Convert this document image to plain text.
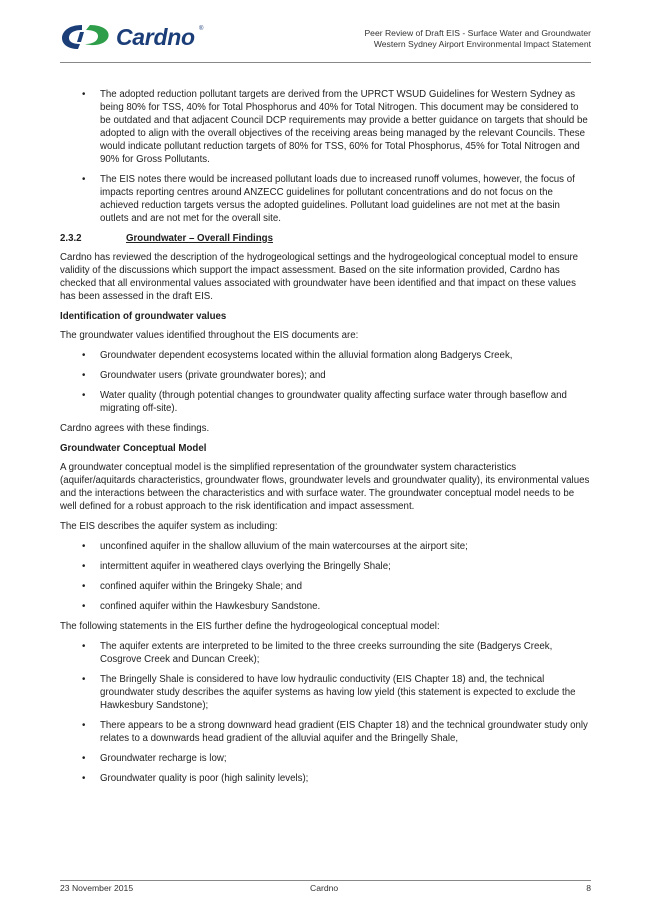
Cardno ®	Peer Review of Draft EIS - Surface Water and Groundwater
Western Sydney Airport Environmental Impact Statement
• The adopted reduction pollutant targets are derived from the UPRCT WSUD Guidelines for Western Sydney as being 80% for TSS, 40% for Total Phosphorus and 40% for Total Nitrogen. This document may be considered to be outdated and that adjacent Council DCP requirements may provide a better guidance on targets that should be adopted to align with the overall objectives of the receiving areas being managed by the relevant Councils. These would indicate pollutant reduction targets of 80% for TSS, 60% for Total Phosphorus, 45% for Total Nitrogen and 90% for Gross Pollutants.
• The EIS notes there would be increased pollutant loads due to increased runoff volumes, however, the focus of impacts reporting centres around ANZECC guidelines for pollutant concentrations and do not focus on the achieved reduction targets versus the adopted guidelines. Pollutant load guidelines are not met at the basin outlets and are not met for the overall site.
2.3.2	Groundwater – Overall Findings

Cardno has reviewed the description of the hydrogeological settings and the hydrogeological conceptual model to ensure validity of the discussions which support the impact assessment. Based on the site information provided, Cardno has checked that all environmental values associated with groundwater have been identified and that impact on these values has been assessed in the draft EIS.

Identification of groundwater values

The groundwater values identified throughout the EIS documents are:

• Groundwater dependent ecosystems located within the alluvial formation along Badgerys Creek,
• Groundwater users (private groundwater bores); and
• Water quality (through potential changes to groundwater quality affecting surface water through baseflow and migrating off-site).

Cardno agrees with these findings.

Groundwater Conceptual Model

A groundwater conceptual model is the simplified representation of the groundwater system characteristics (aquifer/aquitards characteristics, groundwater flows, groundwater levels and groundwater quality), its environmental values and the interactions between the characteristics and with surface water. The groundwater conceptual model needs to be well defined for a robust approach to the risk identification and impact assessment.

The EIS describes the aquifer system as including:

• unconfined aquifer in the shallow alluvium of the main watercourses at the airport site;
• intermittent aquifer in weathered clays overlying the Bringelly Shale;
• confined aquifer within the Bringeky Shale; and
• confined aquifer within the Hawkesbury Sandstone.

The following statements in the EIS further define the hydrogeological conceptual model:

• The aquifer extents are interpreted to be limited to the three creeks surrounding the site (Badgerys Creek, Cosgrove Creek and Duncan Creek);
• The Bringelly Shale is considered to have low hydraulic conductivity (EIS Chapter 18) and, the technical groundwater study describes the aquifer systems as having low yield (this statement is expected to exclude the Hawkesbury Sandstone);
• There appears to be a strong downward head gradient (EIS Chapter 18) and the technical groundwater study only relates to a downwards head gradient of the alluvial aquifer and the Bringelly Shale,
• Groundwater recharge is low;
• Groundwater quality is poor (high salinity levels);
23 November 2015	Cardno	8
